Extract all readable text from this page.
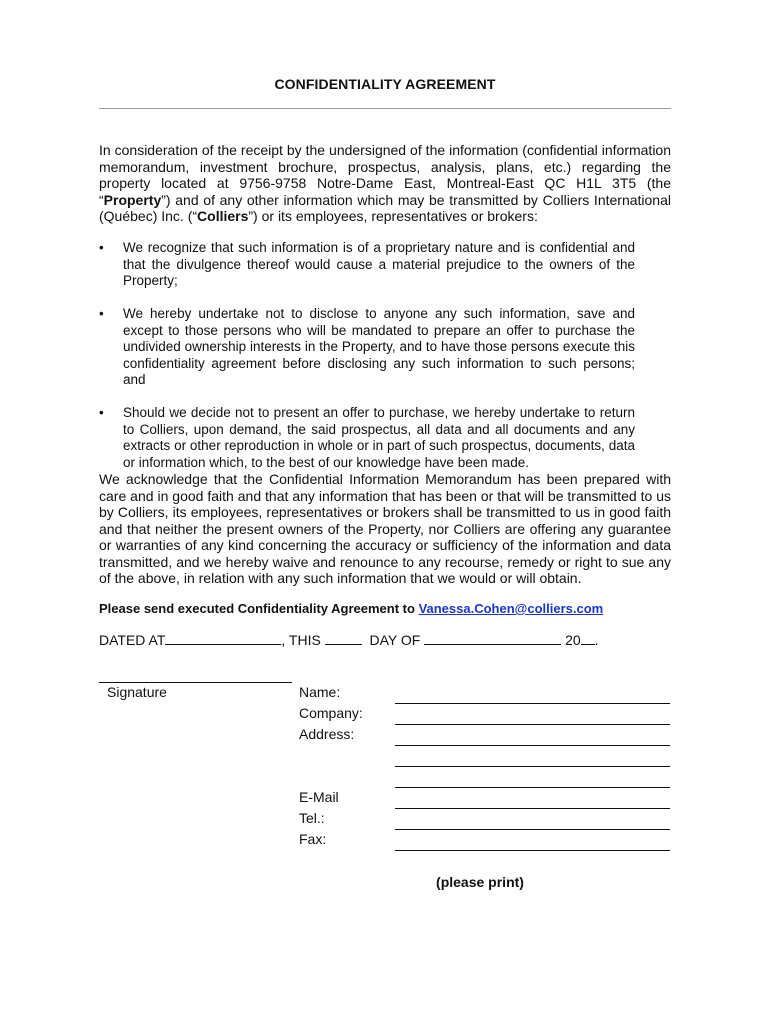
CONFIDENTIALITY AGREEMENT

In consideration of the receipt by the undersigned of the information (confidential information memorandum, investment brochure, prospectus, analysis, plans, etc.) regarding the property located at 9756-9758 Notre-Dame East, Montreal-East QC H1L 3T5 (the “Property”) and of any other information which may be transmitted by Colliers International (Québec) Inc. (“Colliers”) or its employees, representatives or brokers:

• We recognize that such information is of a proprietary nature and is confidential and that the divulgence thereof would cause a material prejudice to the owners of the Property;
• We hereby undertake not to disclose to anyone any such information, save and except to those persons who will be mandated to prepare an offer to purchase the undivided ownership interests in the Property, and to have those persons execute this confidentiality agreement before disclosing any such information to such persons; and
• Should we decide not to present an offer to purchase, we hereby undertake to return to Colliers, upon demand, the said prospectus, all data and all documents and any extracts or other reproduction in whole or in part of such prospectus, documents, data or information which, to the best of our knowledge have been made.

We acknowledge that the Confidential Information Memorandum has been prepared with care and in good faith and that any information that has been or that will be transmitted to us by Colliers, its employees, representatives or brokers shall be transmitted to us in good faith and that neither the present owners of the Property, nor Colliers are offering any guarantee or warranties of any kind concerning the accuracy or sufficiency of the information and data transmitted, and we hereby waive and renounce to any recourse, remedy or right to sue any of the above, in relation with any such information that we would or will obtain.

Please send executed Confidentiality Agreement to Vanessa.Cohen@colliers.com
DATED AT	, THIS	DAY OF	20 .
Signature	Name:
Company:
Address:
E-Mail
Tel.:
Fax:
(please print)
